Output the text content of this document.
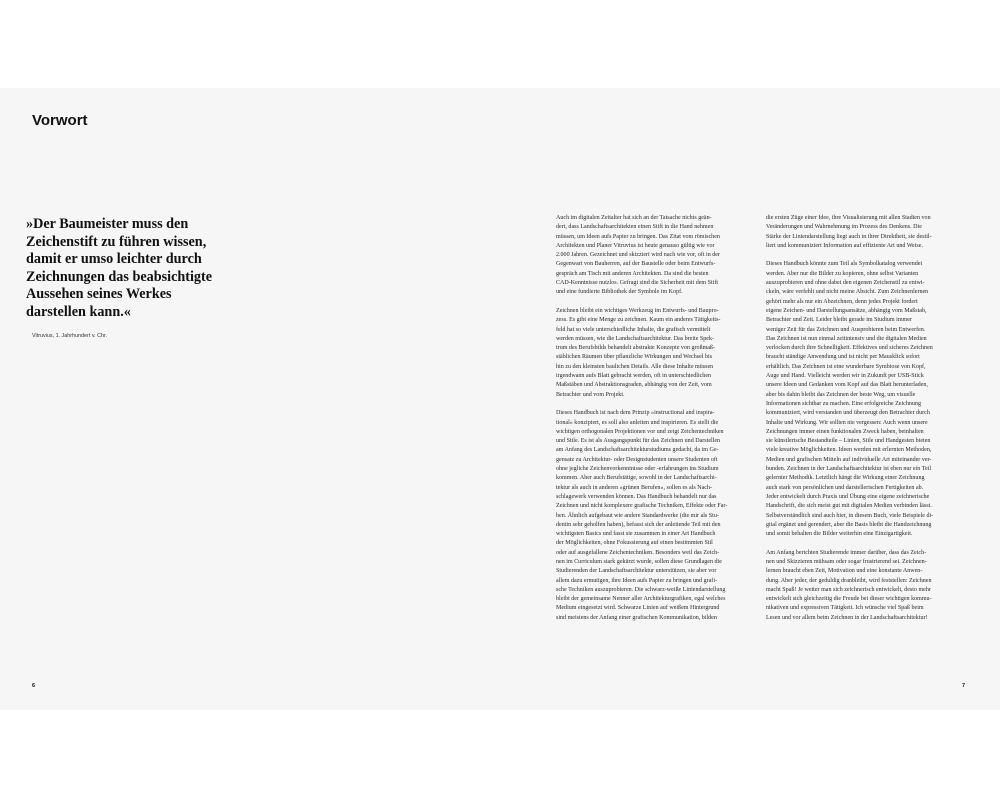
Vorwort
»Der Baumeister muss den
Zeichenstift zu führen wissen,
damit er umso leichter durch
Zeichnungen das beabsichtigte
Aussehen seines Werkes
darstellen kann.«
Vitruvius, 1. Jahrhundert v. Chr.

Auch im digitalen Zeitalter hat sich an der Tatsache nichts geän-
dert, dass Landschaftsarchitekten einen Stift in die Hand nehmen
müssen, um Ideen aufs Papier zu bringen. Das Zitat vom römischen
Architekten und Planer Vitruvius ist heute genauso gültig wie vor
2.000 Jahren. Gezeichnet und skizziert wird nach wie vor, oft in der
Gegenwart von Bauherren, auf der Baustelle oder beim Entwurfs-
gespräch am Tisch mit anderen Architekten. Da sind die besten
CAD-Kenntnisse nutzlos. Gefragt sind die Sicherheit mit dem Stift
und eine fundierte Bibliothek der Symbole im Kopf.

Zeichnen bleibt ein wichtiges Werkzeug im Entwurfs- und Baupro-
zess. Es gibt eine Menge zu zeichnen. Kaum ein anderes Tätigkeits-
feld hat so viele unterschiedliche Inhalte, die grafisch vermittelt
werden müssen, wie die Landschaftsarchitektur. Das breite Spek-
trum des Berufsbilds behandelt abstrakte Konzepte von großmaß-
stäblichen Räumen über pflanzliche Wirkungen und Wechsel bis
hin zu den kleinsten baulichen Details. Alle diese Inhalte müssen
irgendwann aufs Blatt gebracht werden, oft in unterschiedlichen
Maßstäben und Abstraktionsgraden, abhängig von der Zeit, vom
Betrachter und vom Projekt.

Dieses Handbuch ist nach dem Prinzip »instructional and inspira-
tional« konzipiert, es soll also anleiten und inspirieren. Es stellt die
wichtigen orthogonalen Projektionen vor und zeigt Zeichentechniken
und Stile. Es ist als Ausgangspunkt für das Zeichnen und Darstellen
am Anfang des Landschaftsarchitekturstudiums gedacht, da im Ge-
gensatz zu Architektur- oder Designstudenten unsere Studenten oft
ohne jegliche Zeichenvorkenntnisse oder -erfahrungen ins Studium
kommen. Aber auch Berufstätige, sowohl in der Landschaftsarchi-
tektur als auch in anderen »grünen Berufen«, sollen es als Nach-
schlagewerk verwenden können. Das Handbuch behandelt nur das
Zeichnen und nicht komplexere grafische Techniken, Effekte oder Far-
ben. Ähnlich aufgebaut wie andere Standardwerke (die mir als Stu-
dentin sehr geholfen haben), befasst sich der anleitende Teil mit den
wichtigsten Basics und fasst sie zusammen in einer Art Handbuch
der Möglichkeiten, ohne Fokussierung auf einen bestimmten Stil
oder auf ausgefallene Zeichentechniken. Besonders weil das Zeich-
nen im Curriculum stark gekürzt wurde, sollen diese Grundlagen die
Studierenden der Landschaftsarchitektur unterstützen, sie aber vor
allem dazu ermutigen, ihre Ideen aufs Papier zu bringen und grafi-
sche Techniken auszuprobieren. Die schwarz-weiße Liniendarstellung
bleibt der gemeinsame Nenner aller Architekturgrafiken, egal welches
Medium eingesetzt wird. Schwarze Linien auf weißem Hintergrund
sind meistens der Anfang einer grafischen Kommunikation, bilden

die ersten Züge einer Idee, ihre Visualisierung mit allen Stadien von
Veränderungen und Wahrnehmung im Prozess des Denkens. Die
Stärke der Liniendarstellung liegt auch in ihrer Direktheit, sie destil-
liert und kommuniziert Information auf effiziente Art und Weise.

Dieses Handbuch könnte zum Teil als Symbolkatalog verwendet
werden. Aber nur die Bilder zu kopieren, ohne selbst Varianten
auszuprobieren und ohne dabei den eigenen Zeichenstil zu entwi-
ckeln, wäre verfehlt und nicht meine Absicht. Zum Zeichnenlernen
gehört mehr als nur ein Abzeichnen, denn jedes Projekt fordert
eigene Zeichen- und Darstellungsansätze, abhängig vom Maßstab,
Betrachter und Zeit. Leider bleibt gerade im Studium immer
weniger Zeit für das Zeichnen und Ausprobieren beim Entwerfen.
Das Zeichnen ist nun einmal zeitintensiv und die digitalen Medien
verlocken durch ihre Schnelligkeit. Effektives und sicheres Zeichnen
braucht ständige Anwendung und ist nicht per Mausklick sofort
erhältlich. Das Zeichnen ist eine wunderbare Symbiose von Kopf,
Auge und Hand. Vielleicht werden wir in Zukunft per USB-Stick
unsere Ideen und Gedanken vom Kopf auf das Blatt herunterladen,
aber bis dahin bleibt das Zeichnen der beste Weg, um visuelle
Informationen sichtbar zu machen. Eine erfolgreiche Zeichnung
kommuniziert, wird verstanden und überzeugt den Betrachter durch
Inhalte und Wirkung. Wir sollten nie vergessen: Auch wenn unsere
Zeichnungen immer einen funktionalen Zweck haben, beinhalten
sie künstlerische Bestandteile – Linien, Stile und Handgesten bieten
viele kreative Möglichkeiten. Ideen werden mit erlernten Methoden,
Medien und grafischen Mitteln auf individuelle Art miteinander ver-
bunden. Zeichnen in der Landschaftsarchitektur ist eben nur ein Teil
gelernter Methodik. Letztlich hängt die Wirkung einer Zeichnung
auch stark von persönlichen und darstellerischen Fertigkeiten ab.
Jeder entwickelt durch Praxis und Übung eine eigene zeichnerische
Handschrift, die sich meist gut mit digitalen Medien verbinden lässt.
Selbstverständlich sind auch hier, in diesem Buch, viele Beispiele di-
gital ergänzt und gerendert, aber die Basis bleibt die Handzeichnung
und somit behalten die Bilder weiterhin eine Einzigartigkeit.

Am Anfang berichten Studierende immer darüber, dass das Zeich-
nen und Skizzieren mühsam oder sogar frustrierend sei. Zeichnen-
lernen braucht eben Zeit, Motivation und eine konstante Anwen-
dung. Aber jeder, der geduldig dranbleibt, wird feststellen: Zeichnen
macht Spaß! Je weiter man sich zeichnerisch entwickelt, desto mehr
entwickelt sich gleichzeitig die Freude bei dieser wichtigen kommu-
nikativen und expressiven Tätigkeit. Ich wünsche viel Spaß beim
Lesen und vor allem beim Zeichnen in der Landschaftsarchitektur!

6	7
